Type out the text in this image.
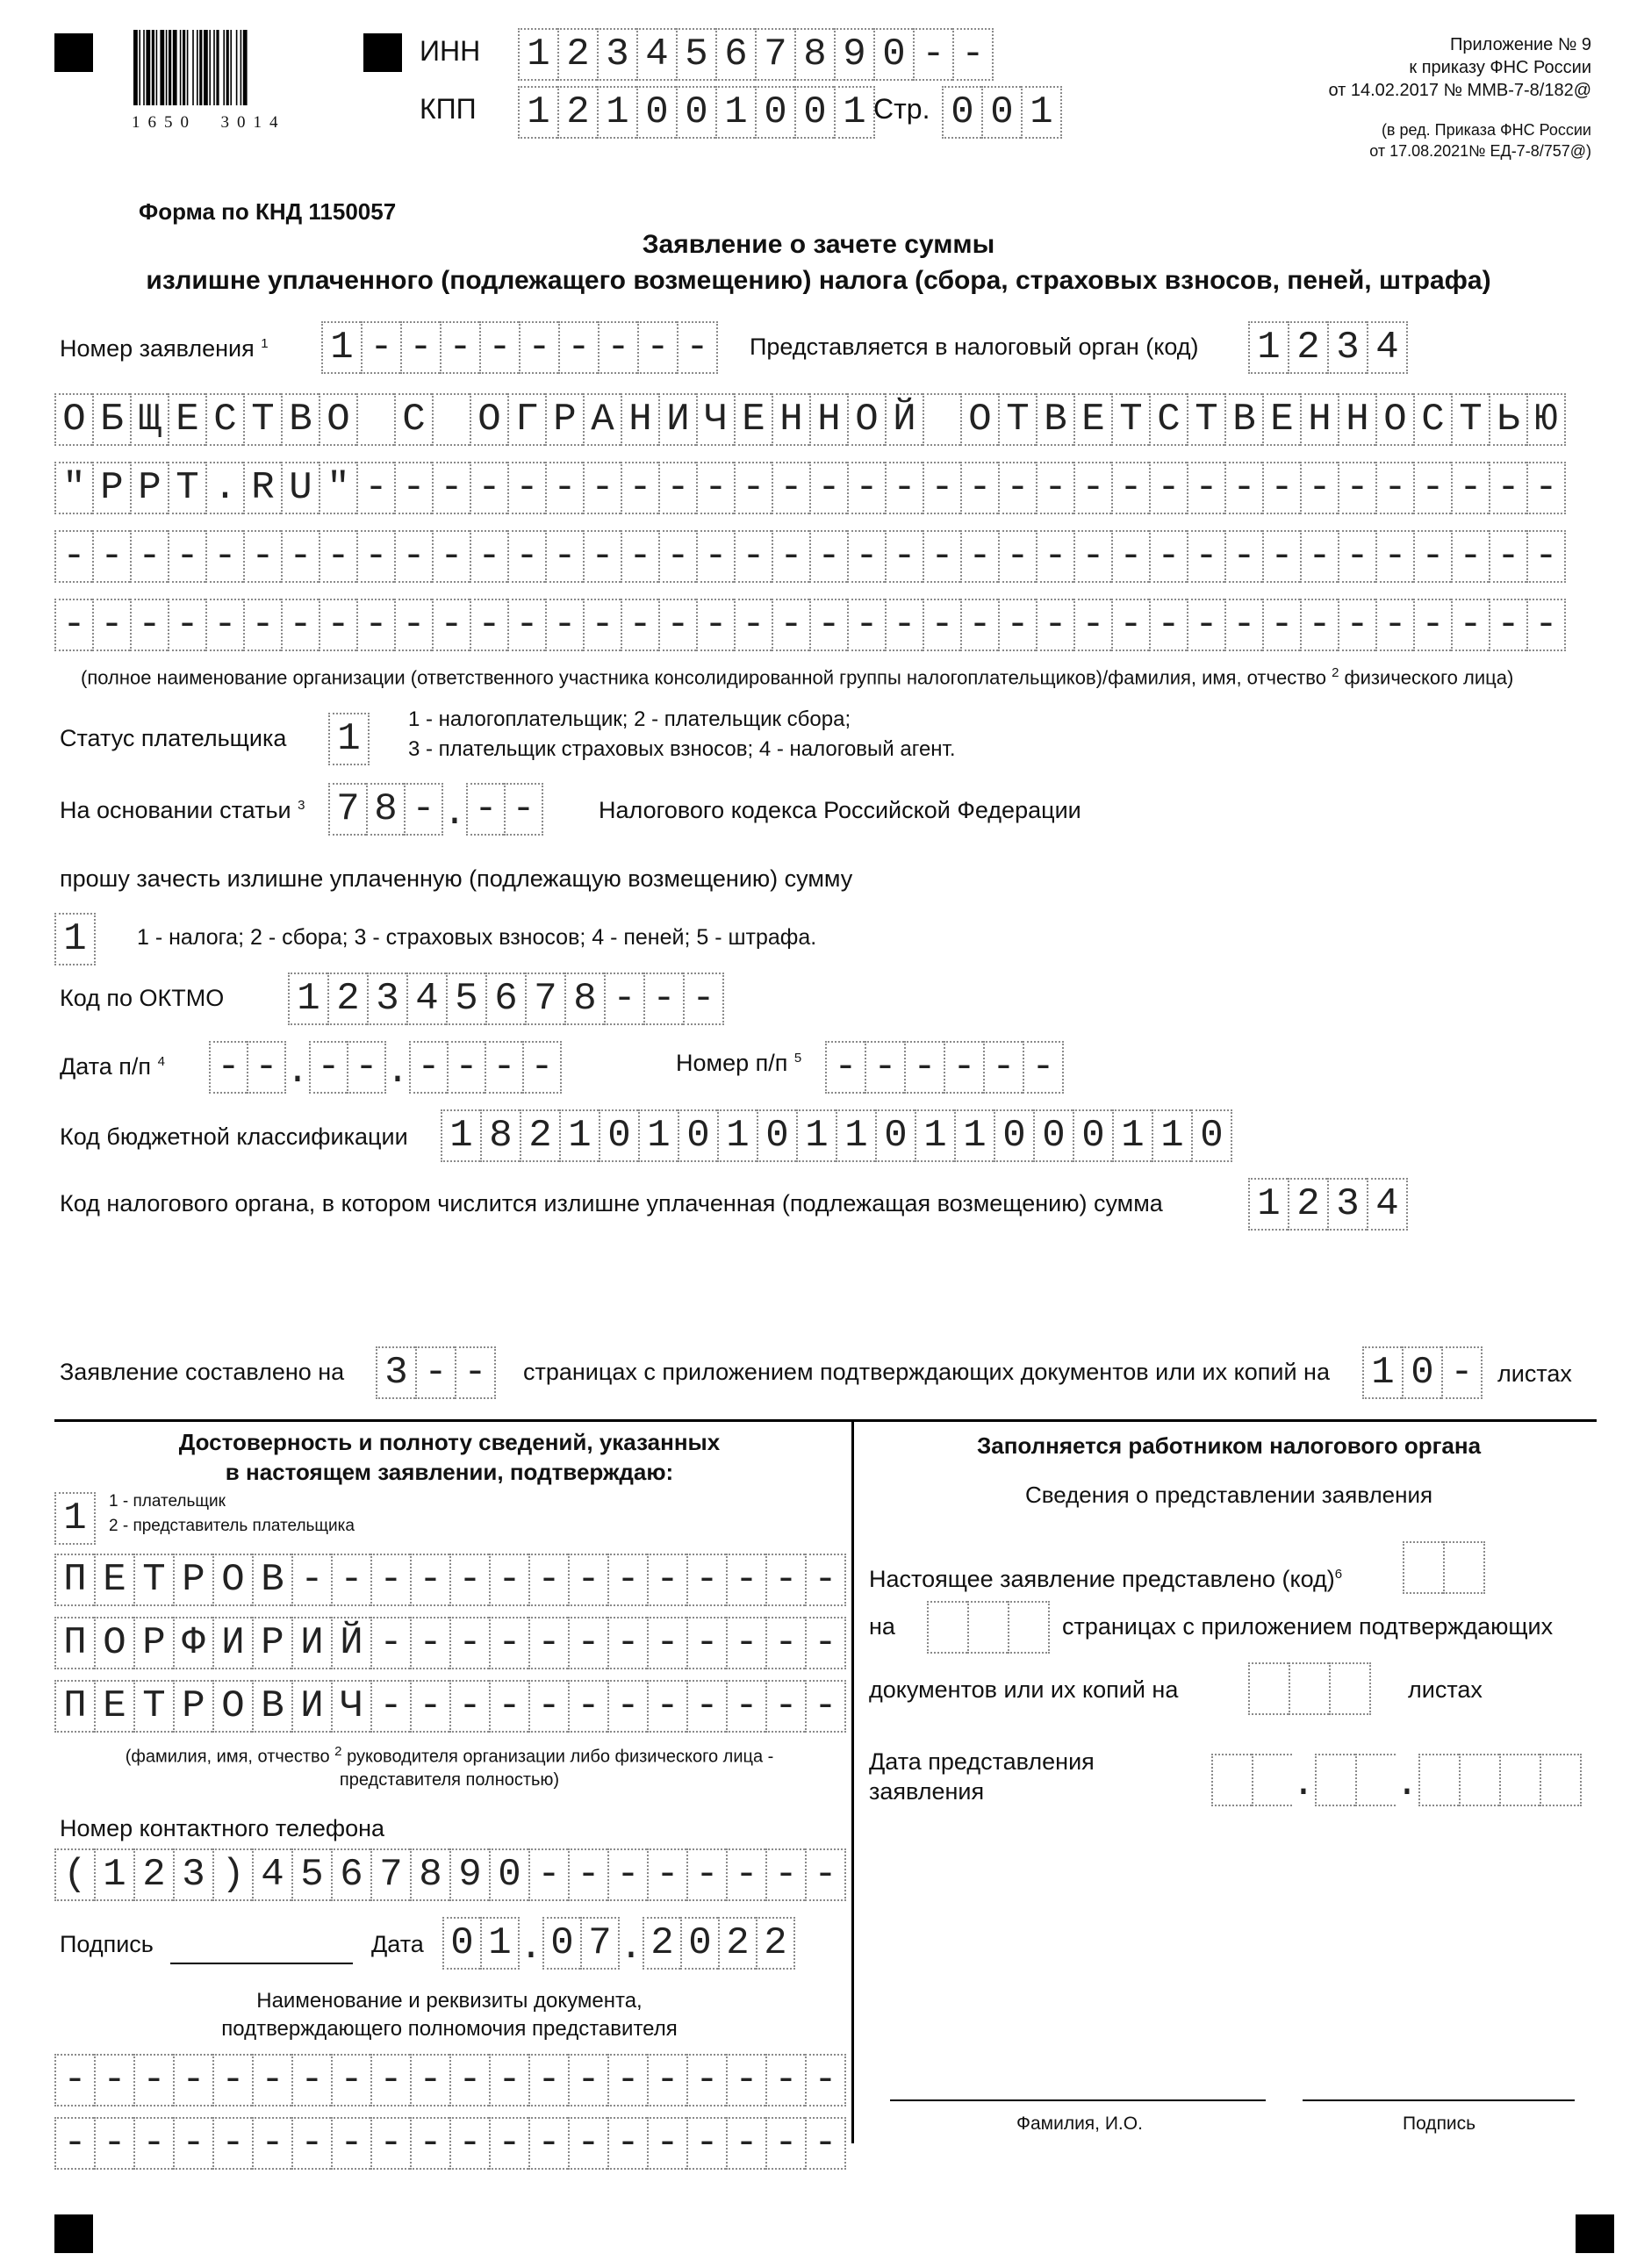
1650  3014
ИНН 1 2 3 4 5 6 7 8 9 0 - -
КПП 1 2 1 0 0 1 0 0 1 Стр. 0 0 1
Приложение № 9
к приказу ФНС России
от 14.02.2017 № ММВ-7-8/182@
(в ред. Приказа ФНС России
от 17.08.2021№ ЕД-7-8/757@)
Форма по КНД 1150057
Заявление о зачете суммы
излишне уплаченного (подлежащего возмещению) налога (сбора, страховых взносов, пеней, штрафа)
Номер заявления $^1$ 1 - - - - - - - - -	Представляется в налоговый орган (код) 1 2 3 4
О Б Щ Е С Т В О С О Г Р А Н И Ч Е Н Н О Й О Т В Е Т С Т В Е Н Н О С Т Ь Ю
" Р Р Т . R U " - - - - - - - - - - - - - - - - - - - - - - - - - - - - - - - -
- - - - - - - - - - - - - - - - - - - - - - - - - - - - - - - - - - - - - - - -
- - - - - - - - - - - - - - - - - - - - - - - - - - - - - - - - - - - - - - - -
(полное наименование организации (ответственного участника консолидированной группы налогоплательщиков)/фамилия, имя, отчество $^2$ физического лица)
Статус плательщика 1	1 - налогоплательщик; 2 - плательщик сбора;
3 - плательщик страховых взносов; 4 - налоговый агент.
На основании статьи $^3$ 7 8 - . - -	Налогового кодекса Российской Федерации
прошу зачесть излишне уплаченную (подлежащую возмещению) сумму
1	1 - налога; 2 - сбора; 3 - страховых взносов; 4 - пеней; 5 - штрафа.
Код по ОКТМО 1 2 3 4 5 6 7 8 - - -
Дата п/п $^4$ - - . - - . - - - -	Номер п/п $^5$ - - - - - -
Код бюджетной классификации 1 8 2 1 0 1 0 1 0 1 1 0 1 1 0 0 0 1 1 0
Код налогового органа, в котором числится излишне уплаченная (подлежащая возмещению) сумма 1 2 3 4
Заявление составлено на 3 - -	страницах с приложением подтверждающих документов или их копий на 1 0 -	листах
Достоверность и полноту сведений, указанных
в настоящем заявлении, подтверждаю:
1	1 - плательщик
2 - представитель плательщика
П Е Т Р О В - - - - - - - - - - - - - -
П О Р Ф И Р И Й - - - - - - - - - - - -
П Е Т Р О В И Ч - - - - - - - - - - - -
(фамилия, имя, отчество $^2$ руководителя организации либо физического лица -
представителя полностью)
Номер контактного телефона
( 1 2 3 ) 4 5 6 7 8 9 0 - - - - - - - -
Подпись	Дата 0 1 . 0 7 . 2 0 2 2
Наименование и реквизиты документа,
подтверждающего полномочия представителя
- - - - - - - - - - - - - - - - - - - -
- - - - - - - - - - - - - - - - - - - -
Заполняется работником налогового органа
Сведения о представлении заявления
Настоящее заявление представлено (код)$^6$
на	страницах с приложением подтверждающих
документов или их копий на	листах
Дата представления
заявления	. .
Фамилия, И.О.	Подпись
